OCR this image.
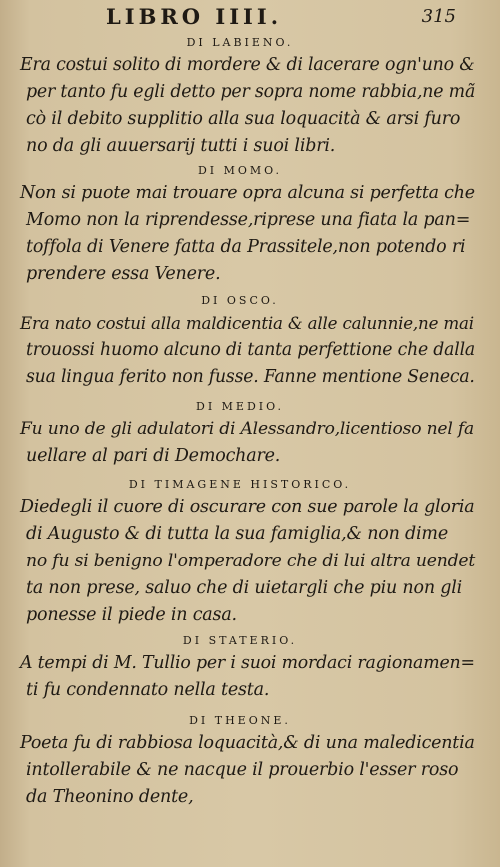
LIBRO IIII.	315
DI LABIENO.
Era costui solito di mordere & di lacerare ogn'uno &
per tanto fu egli detto per sopra nome rabbia,ne mã
cò il debito supplitio alla sua loquacità & arsi furo
no da gli auuersarij tutti i suoi libri.
DI MOMO.
Non si puote mai trouare opra alcuna si perfetta che
Momo non la riprendesse,riprese una fiata la pan=
toffola di Venere fatta da Prassitele,non potendo ri
prendere essa Venere.
DI OSCO.
Era nato costui alla maldicentia & alle calunnie,ne mai
trouossi huomo alcuno di tanta perfettione che dalla
sua lingua ferito non fusse. Fanne mentione Seneca.
DI MEDIO.
Fu uno de gli adulatori di Alessandro,licentioso nel fa
uellare al pari di Demochare.
DI TIMAGENE HISTORICO.
Diedegli il cuore di oscurare con sue parole la gloria
di Augusto & di tutta la sua famiglia,& non dime
no fu si benigno l'omperadore che di lui altra uendet
ta non prese, saluo che di uietargli che piu non gli
ponesse il piede in casa.
DI STATERIO.
A tempi di M. Tullio per i suoi mordaci ragionamen=
ti fu condennato nella testa.
DI THEONE.
Poeta fu di rabbiosa loquacità,& di una maledicentia
intollerabile & ne nacque il prouerbio l'esser roso
da Theonino dente,
